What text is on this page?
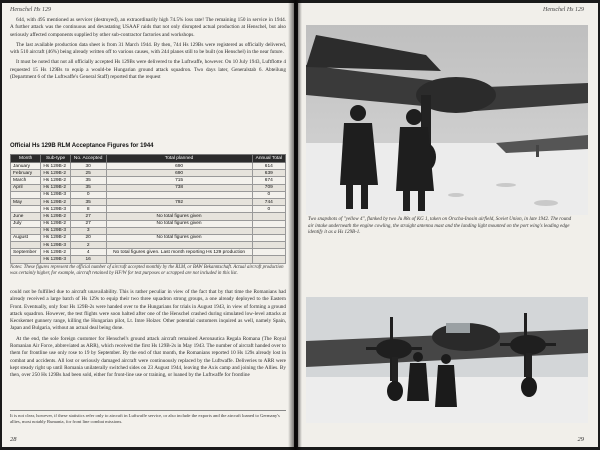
Henschel Hs 129

644, with 495 mentioned as servicer (destroyed), an extraordinarily high 74.5% loss rate! The remaining 150 in service in 1944. A further attack was the continuous and devastating USAAF raids that not only disrupted actual production at Henschel, but also seriously affected components supplied by other sub-contractor factories and workshops.

The last available production data sheet is from 31 March 1944. By then, 744 Hs 129Bs were registered as officially delivered, with 510 aircraft (46%) being already written off to various causes, with 244 planes still to be built (on Henschel) in the near future.

It must be noted that not all officially accepted Hs 129Bs were delivered to the Luftwaffe, however. On 10 July 1943, Luftflotte 4 requested 15 Hs 129Bs to equip a would-be Hungarian ground attack squadron. Two days later, Generalstab 6. Abteilung (Department 6 of the Luftwaffe's General Staff) reported that the request

Official Hs 129B RLM Acceptance Figures for 1944
Month	Sub-type	No. Accepted	Total planned	Annual Total
January	Hs 129B-2	30	690	614
February	Hs 129B-2	25	690	639
March	Hs 129B-2	35	715	674
April	Hs 129B-2	35	738	709
	Hs 129B-3	0		0
May	Hs 129B-2	35	792	744
	Hs 129B-3	8		0
June	Hs 129B-2	27	No total figures given	
July	Hs 129B-2	27	No total figures given	
	Hs 129B-3	3		
August	Hs 129B-2	20	No total figures given	
	Hs 129B-3	2		
September	Hs 129B-2	4	No total figures given. Last month reporting Hs 129 production	
	Hs 129B-3	16		
Notes: These figures represent the official number of aircraft accepted monthly by the RLM, or BAW Bekanntschaft. Actual aircraft production was certainly higher, for example, aircraft retained by HF/W for test purposes or scrapped are not included in this list.

could not be fulfilled due to aircraft unavailability. This is rather peculiar in view of the fact that by that time the Romanians had already received a large batch of Hs 129s to equip their two three squadron strong groups, a one already deployed to the Eastern Front. Eventually, only four Hs 129B-2s were handed over to the Hungarians for trials in August 1943, in view of forming a ground attack squadron. However, the test flights were soon halted after one of the Henschel crashed during simulated low-level attacks at Kecskemet gunnery range, killing the Hungarian pilot, Lt. Imre Holzer. Other potential customers inquired as well, namely Spain, Japan and Bulgaria, without an actual deal being done.

At the end, the sole foreign customer for Henschel's ground attack aircraft remained Aeronautica Regala Romana (The Royal Romanian Air Force, abbreviated as ARR), which received the first Hs 129B-2s in May 1943. The number of aircraft handed over to them for frontline use only rose to 19 by September. By the end of that month, the Romanians reported 10 Hs 129s already lost in combat and accidents. All lost or seriously damaged aircraft were continuously replaced by the Luftwaffe. Deliveries to ARR were kept steady right up until Romania unilaterally switched sides on 23 August 1944, leaving the Axis camp and joining the Allies. By then, over 250 Hs 129Bs had been sold, either for front-line use or training, or loaned by the Luftwaffe for frontline

It is not clear, however, if these statistics refer only to aircraft in Luftwaffe service, or also include the exports and the aircraft loaned to Germany's allies, most notably Rumania, for front line combat missions.
28
Henschel Hs 129
Two snapshots of "yellow 4", flanked by two Ju 88s of KG 1, taken on Orscha-Inosin airfield, Soviet Union, in late 1942. The round air intake underneath the engine cowling, the straight antenna mast and the landing light mounted on the port wing's leading edge identify it as a Hs 129B-1.
29
